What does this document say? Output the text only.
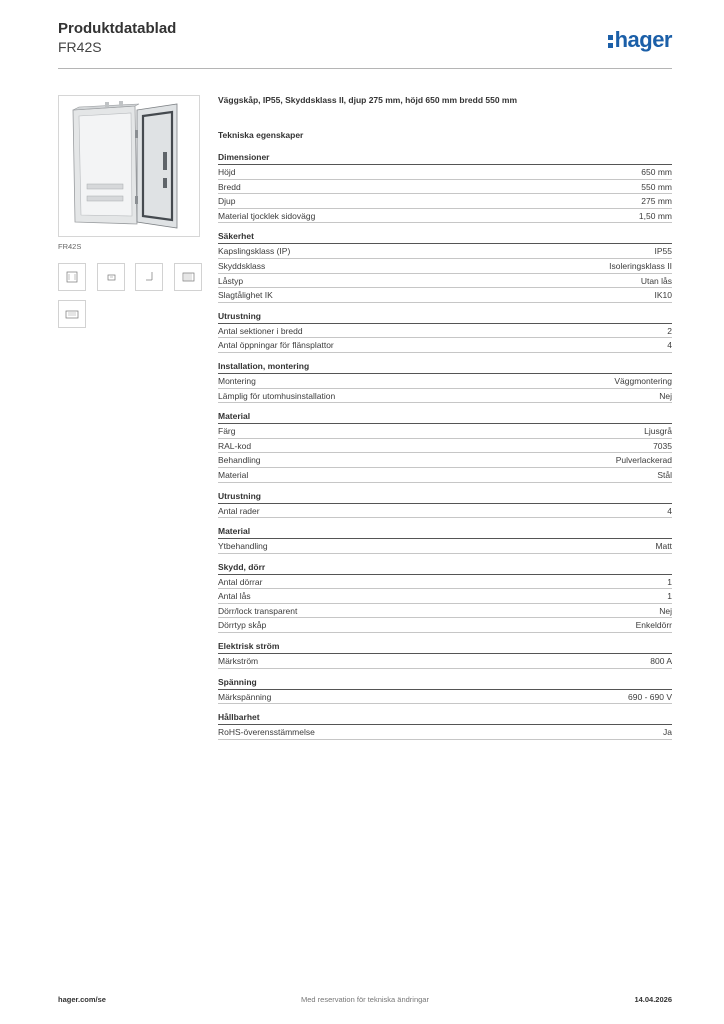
Produktdatablad
FR42S	hager
FR42S
Väggskåp, IP55, Skyddsklass II, djup 275 mm, höjd 650 mm bredd 550 mm
Tekniska egenskaper
Dimensioner
Höjd	650 mm
Bredd	550 mm
Djup	275 mm
Material tjocklek sidovägg	1,50 mm
Säkerhet
Kapslingsklass (IP)	IP55
Skyddsklass	Isoleringsklass II
Låstyp	Utan lås
Slagtålighet IK	IK10
Utrustning
Antal sektioner i bredd	2
Antal öppningar för flänsplattor	4
Installation, montering
Montering	Väggmontering
Lämplig för utomhusinstallation	Nej
Material
Färg	Ljusgrå
RAL-kod	7035
Behandling	Pulverlackerad
Material	Stål
Utrustning
Antal rader	4
Material
Ytbehandling	Matt
Skydd, dörr
Antal dörrar	1
Antal lås	1
Dörr/lock transparent	Nej
Dörrtyp skåp	Enkeldörr
Elektrisk ström
Märkström	800 A
Spänning
Märkspänning	690 - 690 V
Hållbarhet
RoHS-överensstämmelse	Ja
hager.com/se	Med reservation för tekniska ändringar	14.04.2026
